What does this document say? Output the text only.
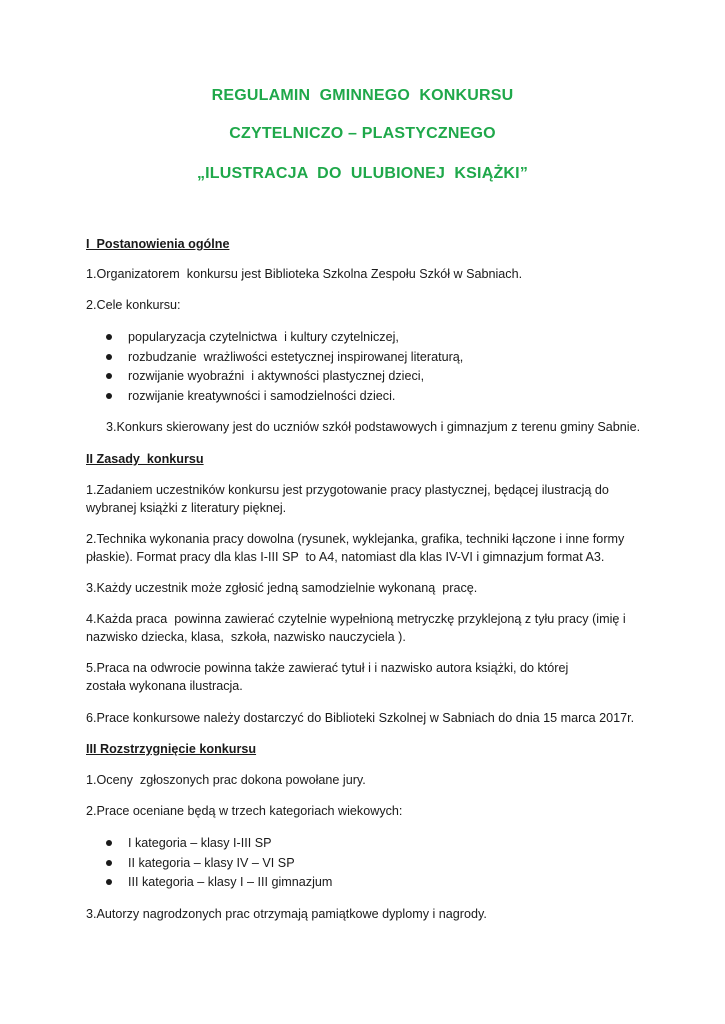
REGULAMIN  GMINNEGO  KONKURSU
CZYTELNICZO – PLASTYCZNEGO
„ILUSTRACJA  DO  ULUBIONEJ  KSIĄŻKI”
I  Postanowienia ogólne
1.Organizatorem  konkursu jest Biblioteka Szkolna Zespołu Szkół w Sabniach.
2.Cele konkursu:
popularyzacja czytelnictwa  i kultury czytelniczej,
rozbudzanie  wrażliwości estetycznej inspirowanej literaturą,
rozwijanie wyobraźni  i aktywności plastycznej dzieci,
rozwijanie kreatywności i samodzielności dzieci.
3.Konkurs skierowany jest do uczniów szkół podstawowych i gimnazjum z terenu gminy Sabnie.
II Zasady  konkursu
1.Zadaniem uczestników konkursu jest przygotowanie pracy plastycznej, będącej ilustracją do wybranej książki z literatury pięknej.
2.Technika wykonania pracy dowolna (rysunek, wyklejanka, grafika, techniki łączone i inne formy płaskie). Format pracy dla klas I-III SP  to A4, natomiast dla klas IV-VI i gimnazjum format A3.
3.Każdy uczestnik może zgłosić jedną samodzielnie wykonaną  pracę.
4.Każda praca  powinna zawierać czytelnie wypełnioną metryczkę przyklejoną z tyłu pracy (imię i nazwisko dziecka, klasa,  szkoła, nazwisko nauczyciela ).
5.Praca na odwrocie powinna także zawierać tytuł i i nazwisko autora książki, do której została wykonana ilustracja.
6.Prace konkursowe należy dostarczyć do Biblioteki Szkolnej w Sabniach do dnia 15 marca 2017r.
III Rozstrzygnięcie konkursu
1.Oceny  zgłoszonych prac dokona powołane jury.
2.Prace oceniane będą w trzech kategoriach wiekowych:
I kategoria – klasy I-III SP
II kategoria – klasy IV – VI SP
III kategoria – klasy I – III gimnazjum
3.Autorzy nagrodzonych prac otrzymają pamiątkowe dyplomy i nagrody.
